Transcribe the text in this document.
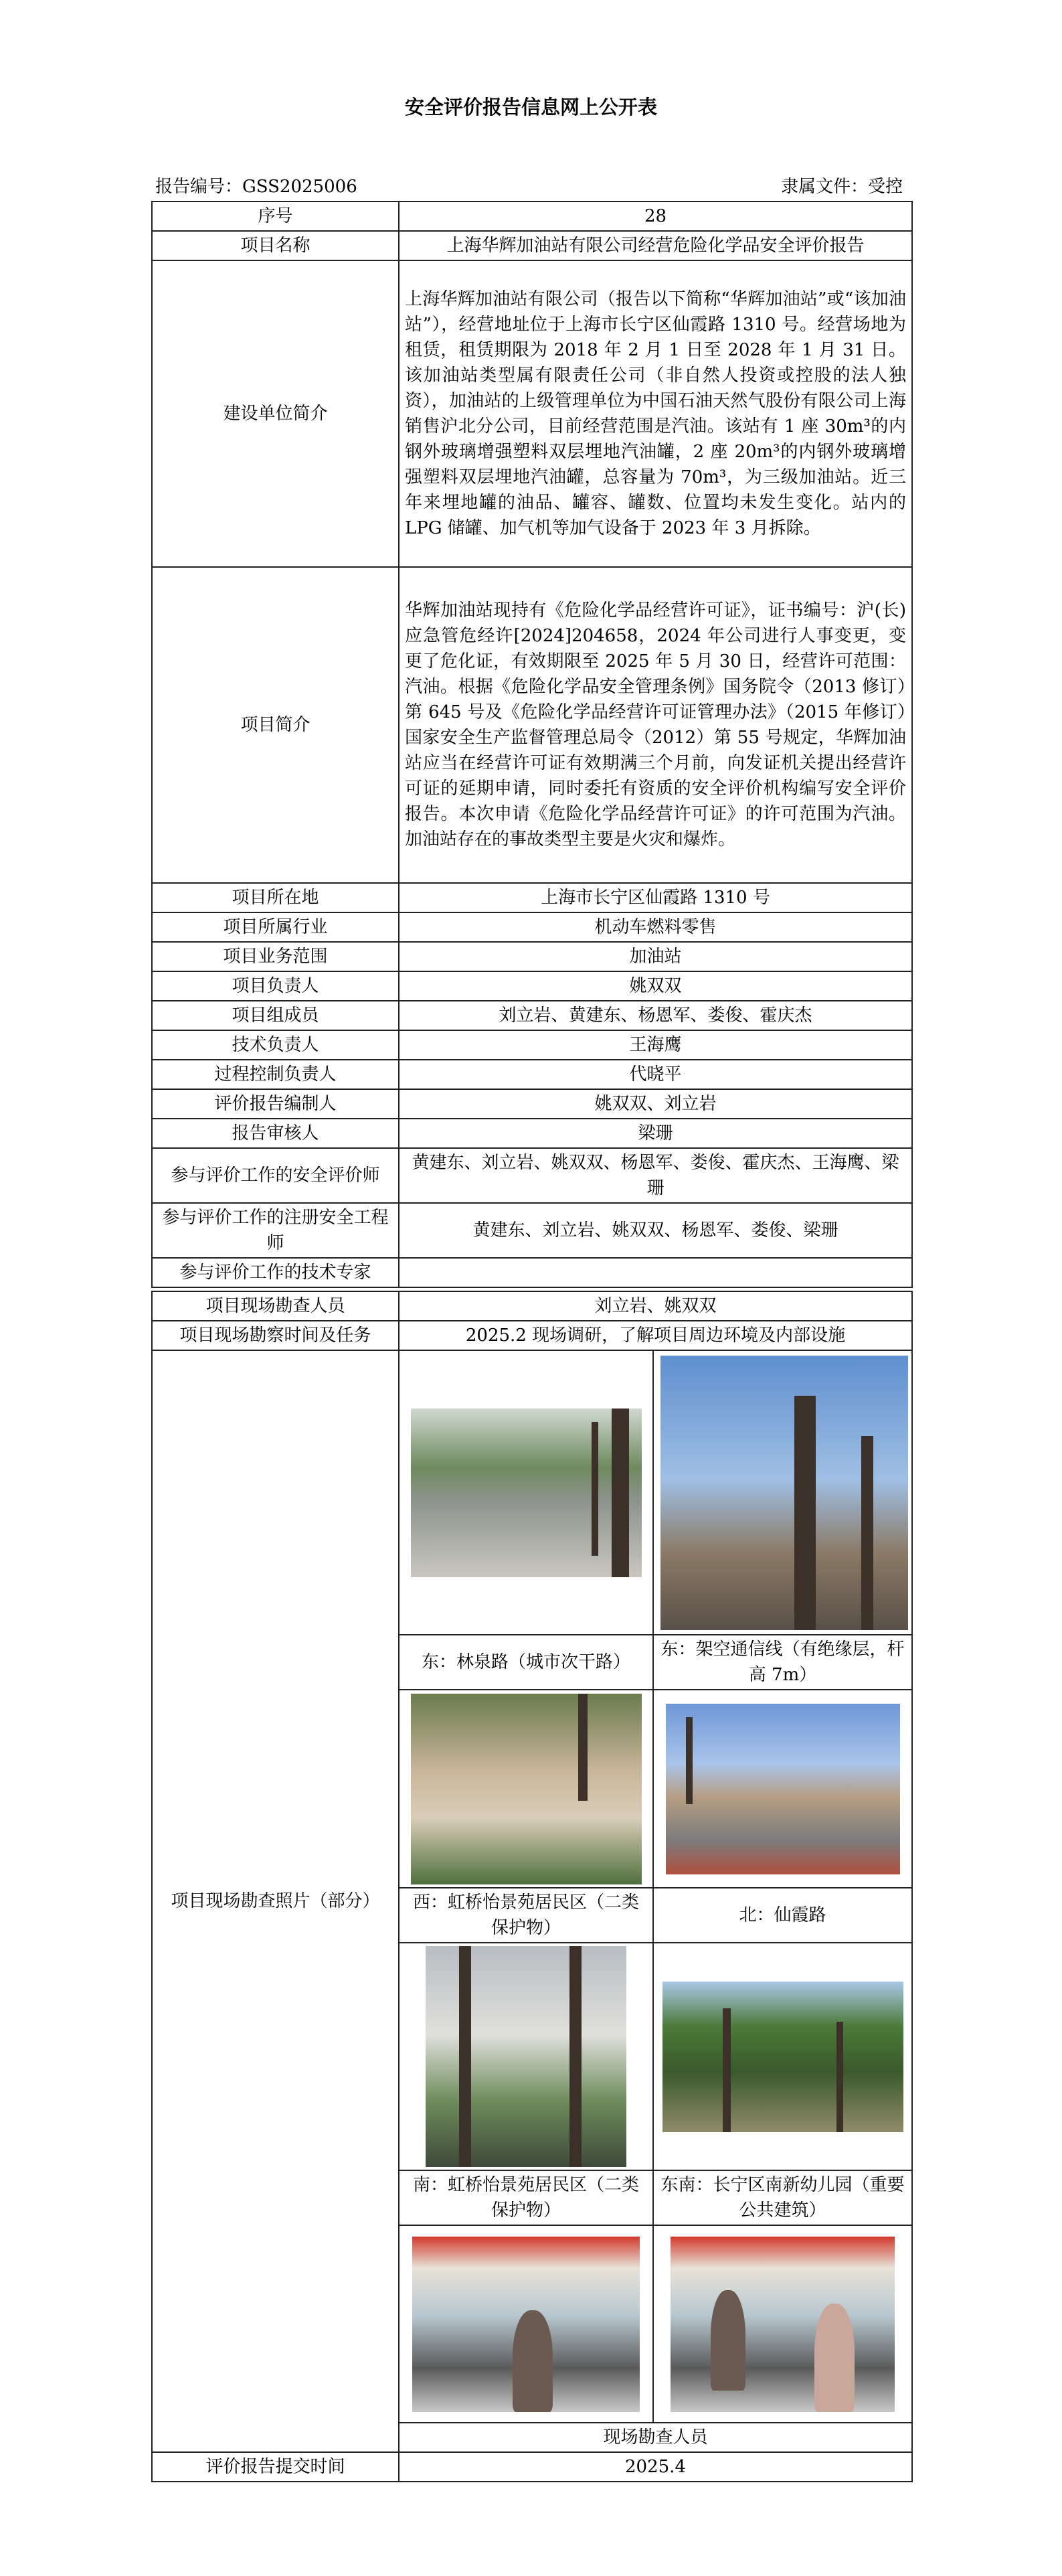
安全评价报告信息网上公开表
报告编号：GSS2025006	隶属文件：受控
序号	28
项目名称	上海华辉加油站有限公司经营危险化学品安全评价报告
建设单位简介	上海华辉加油站有限公司（报告以下简称“华辉加油站”或“该加油站”），经营地址位于上海市长宁区仙霞路 1310 号。经营场地为租赁，租赁期限为 2018 年 2 月 1 日至 2028 年 1 月 31 日。该加油站类型属有限责任公司（非自然人投资或控股的法人独资），加油站的上级管理单位为中国石油天然气股份有限公司上海销售沪北分公司，目前经营范围是汽油。该站有 1 座 30m³的内钢外玻璃增强塑料双层埋地汽油罐，2 座 20m³的内钢外玻璃增强塑料双层埋地汽油罐，总容量为 70m³，为三级加油站。近三年来埋地罐的油品、罐容、罐数、位置均未发生变化。站内的 LPG 储罐、加气机等加气设备于 2023 年 3 月拆除。
项目简介	华辉加油站现持有《危险化学品经营许可证》，证书编号：沪(长)应急管危经许[2024]204658，2024 年公司进行人事变更，变更了危化证，有效期限至 2025 年 5 月 30 日，经营许可范围：汽油。根据《危险化学品安全管理条例》国务院令（2013 修订）第 645 号及《危险化学品经营许可证管理办法》（2015 年修订）国家安全生产监督管理总局令（2012）第 55 号规定，华辉加油站应当在经营许可证有效期满三个月前，向发证机关提出经营许可证的延期申请，同时委托有资质的安全评价机构编写安全评价报告。本次申请《危险化学品经营许可证》的许可范围为汽油。加油站存在的事故类型主要是火灾和爆炸。
项目所在地	上海市长宁区仙霞路 1310 号
项目所属行业	机动车燃料零售
项目业务范围	加油站
项目负责人	姚双双
项目组成员	刘立岩、黄建东、杨恩军、娄俊、霍庆杰
技术负责人	王海鹰
过程控制负责人	代晓平
评价报告编制人	姚双双、刘立岩
报告审核人	梁珊
参与评价工作的安全评价师	黄建东、刘立岩、姚双双、杨恩军、娄俊、霍庆杰、王海鹰、梁珊
参与评价工作的注册安全工程师	黄建东、刘立岩、姚双双、杨恩军、娄俊、梁珊
参与评价工作的技术专家	
项目现场勘查人员	刘立岩、姚双双	
项目现场勘察时间及任务	2025.2 现场调研，了解项目周边环境及内部设施	
项目现场勘查照片（部分）	

	东：林泉路（城市次干路）	东：架空通信线（有绝缘层，杆高 7m）

	西：虹桥怡景苑居民区（二类保护物）	北：仙霞路

	南：虹桥怡景苑居民区（二类保护物）	东南：长宁区南新幼儿园（重要公共建筑）

	现场勘查人员	

评价报告提交时间	2025.4	
